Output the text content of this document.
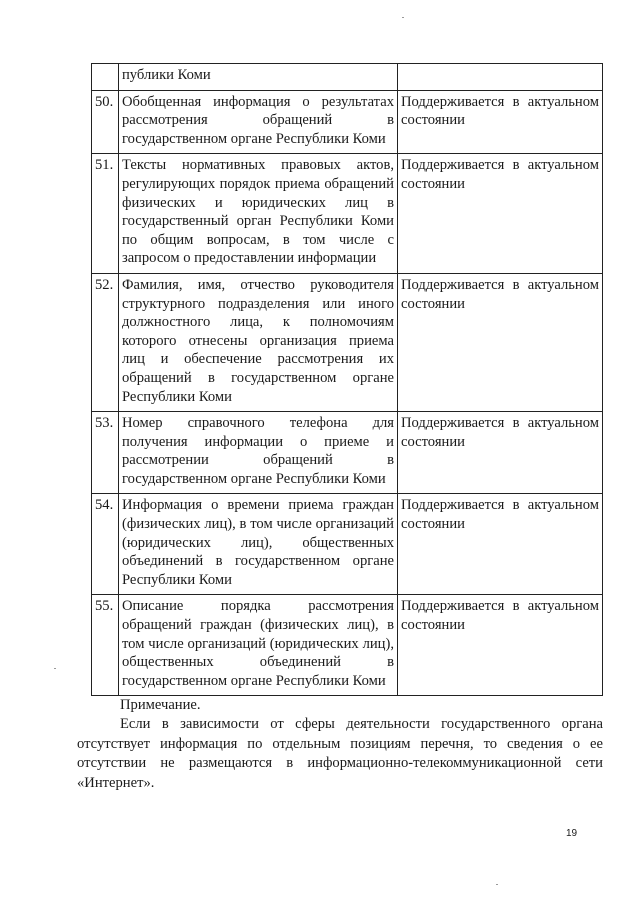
	публики Коми	
50.	Обобщенная информация о результатах рассмотрения обращений в государственном органе Республики Коми	Поддерживается в актуальном состоянии
51.	Тексты нормативных правовых актов, регулирующих порядок приема обращений физических и юридических лиц в государственный орган Республики Коми по общим вопросам, в том числе с запросом о предоставлении информации	Поддерживается в актуальном состоянии
52.	Фамилия, имя, отчество руководителя структурного подразделения или иного должностного лица, к полномочиям которого отнесены организация приема лиц и обеспечение рассмотрения их обращений в государственном органе Республики Коми	Поддерживается в актуальном состоянии
53.	Номер справочного телефона для получения информации о приеме и рассмотрении обращений в государственном органе Республики Коми	Поддерживается в актуальном состоянии
54.	Информация о времени приема граждан (физических лиц), в том числе организаций (юридических лиц), общественных объединений в государственном органе Республики Коми	Поддерживается в актуальном состоянии
55.	Описание порядка рассмотрения обращений граждан (физических лиц), в том числе организаций (юридических лиц), общественных объединений в государственном органе Республики Коми	Поддерживается в актуальном состоянии
Примечание.
Если в зависимости от сферы деятельности государственного органа отсутствует информация по отдельным позициям перечня, то сведения о ее отсутствии не размещаются в информационно-телекоммуникационной сети «Интернет».
19
